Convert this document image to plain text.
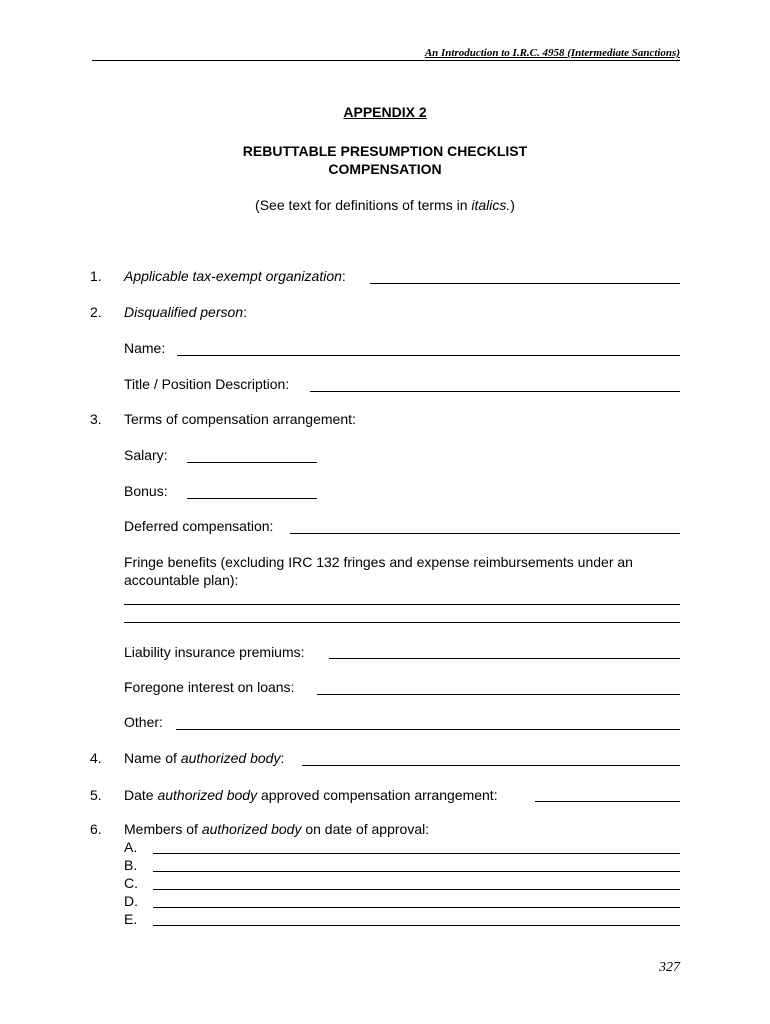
An Introduction to I.R.C. 4958 (Intermediate Sanctions)
APPENDIX 2
REBUTTABLE PRESUMPTION CHECKLIST
COMPENSATION
(See text for definitions of terms in italics.)
1. Applicable tax-exempt organization:
2. Disqualified person:
Name:
Title / Position Description:
3. Terms of compensation arrangement:
Salary:
Bonus:
Deferred compensation:
Fringe benefits (excluding IRC 132 fringes and expense reimbursements under an
accountable plan):
Liability insurance premiums:
Foregone interest on loans:
Other:
4. Name of authorized body:
5. Date authorized body approved compensation arrangement:
6. Members of authorized body on date of approval:
A.
B.
C.
D.
E.
327
